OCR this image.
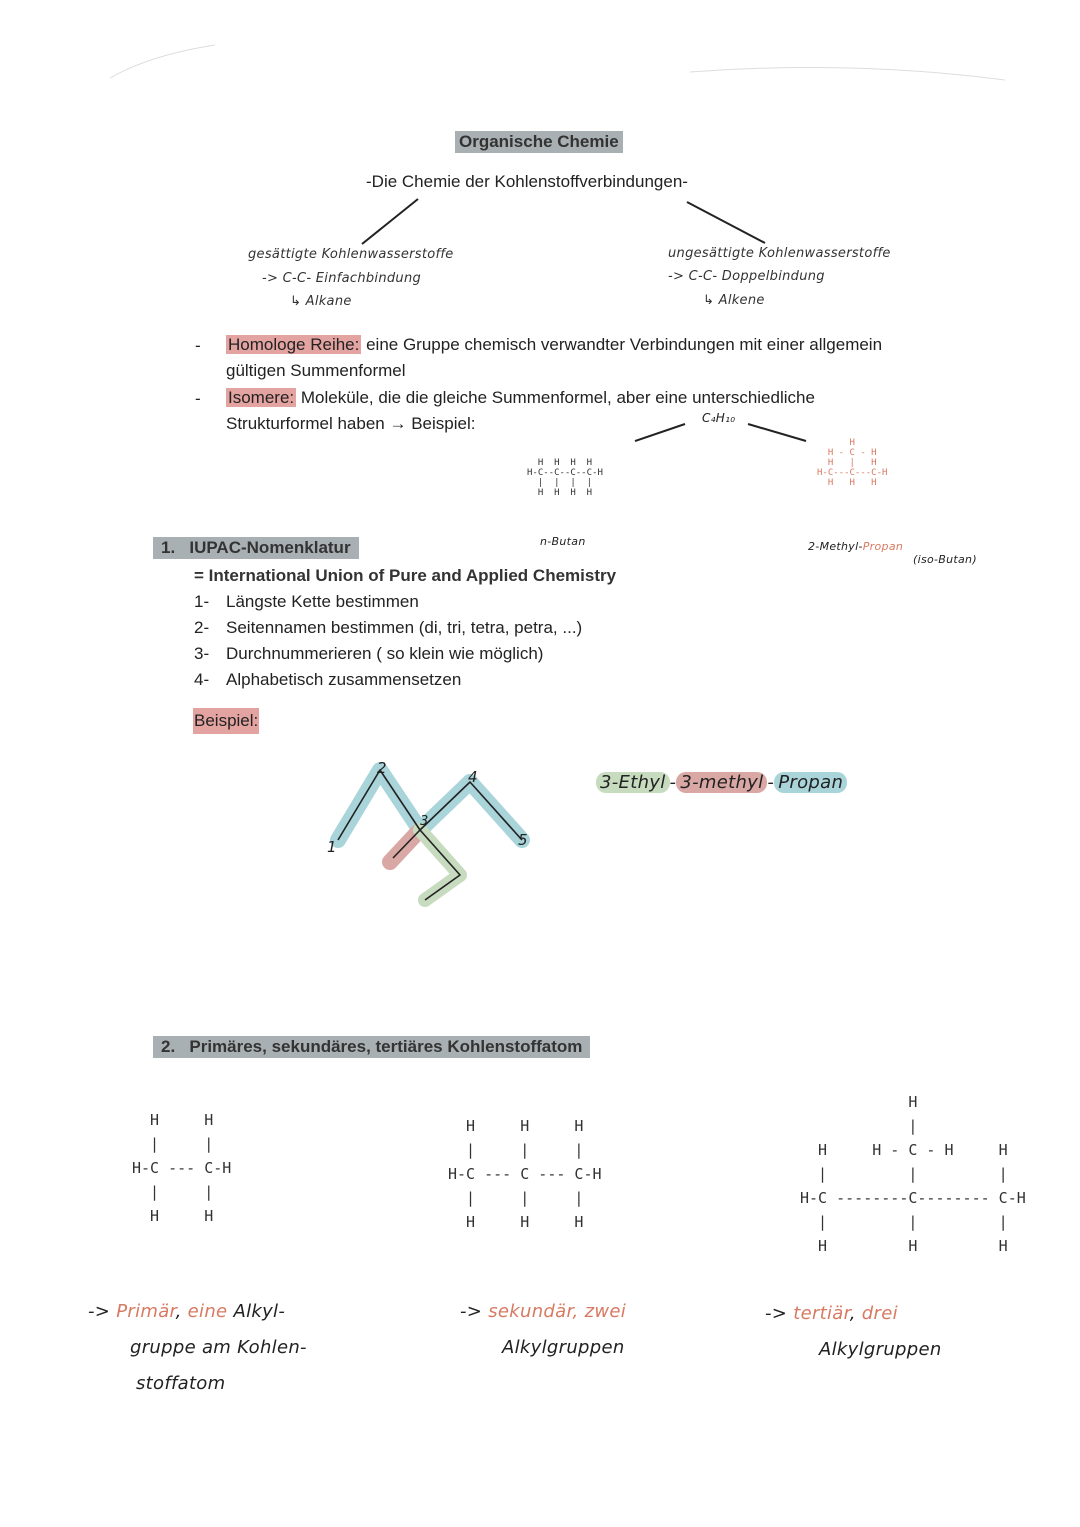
Organische Chemie
-Die Chemie der Kohlenstoffverbindungen-
gesättigte Kohlenwasserstoffe
-> C-C- Einfachbindung
↳ Alkane
ungesättigte Kohlenwasserstoffe
-> C-C- Doppelbindung
↳ Alkene
- Homologe Reihe: eine Gruppe chemisch verwandter Verbindungen mit einer allgemein
gültigen Summenformel
- Isomere: Moleküle, die die gleiche Summenformel, aber eine unterschiedliche
Strukturformel haben → Beispiel:	C₄H₁₀
H  H  H  H
H-C--C--C--C-H
|  |  |  |
H  H  H  H
n-Butan
H
H - C - H
H   |   H
H-C---C---C-H
H   H   H
2-Methyl-Propan
(iso-Butan)
1. IUPAC-Nomenklatur
= International Union of Pure and Applied Chemistry
1- Längste Kette bestimmen
2- Seitennamen bestimmen (di, tri, tetra, petra, ...)
3- Durchnummerieren ( so klein wie möglich)
4- Alphabetisch zusammensetzen
Beispiel:
1
2
3
4
5
3-Ethyl - 3-methyl - Propan
2. Primäres, sekundäres, tertiäres Kohlenstoffatom
H     H
|     |
H-C --- C-H
|     |
H     H
H     H     H
|     |     |
H-C --- C --- C-H
|     |     |
H     H     H
H
|
H     H - C - H     H
|         |         |
H-C --------C-------- C-H
|         |         |
H         H         H
-> Primär, eine Alkyl-
gruppe am Kohlen-
stoffatom
-> sekundär, zwei
Alkylgruppen
-> tertiär, drei
Alkylgruppen
